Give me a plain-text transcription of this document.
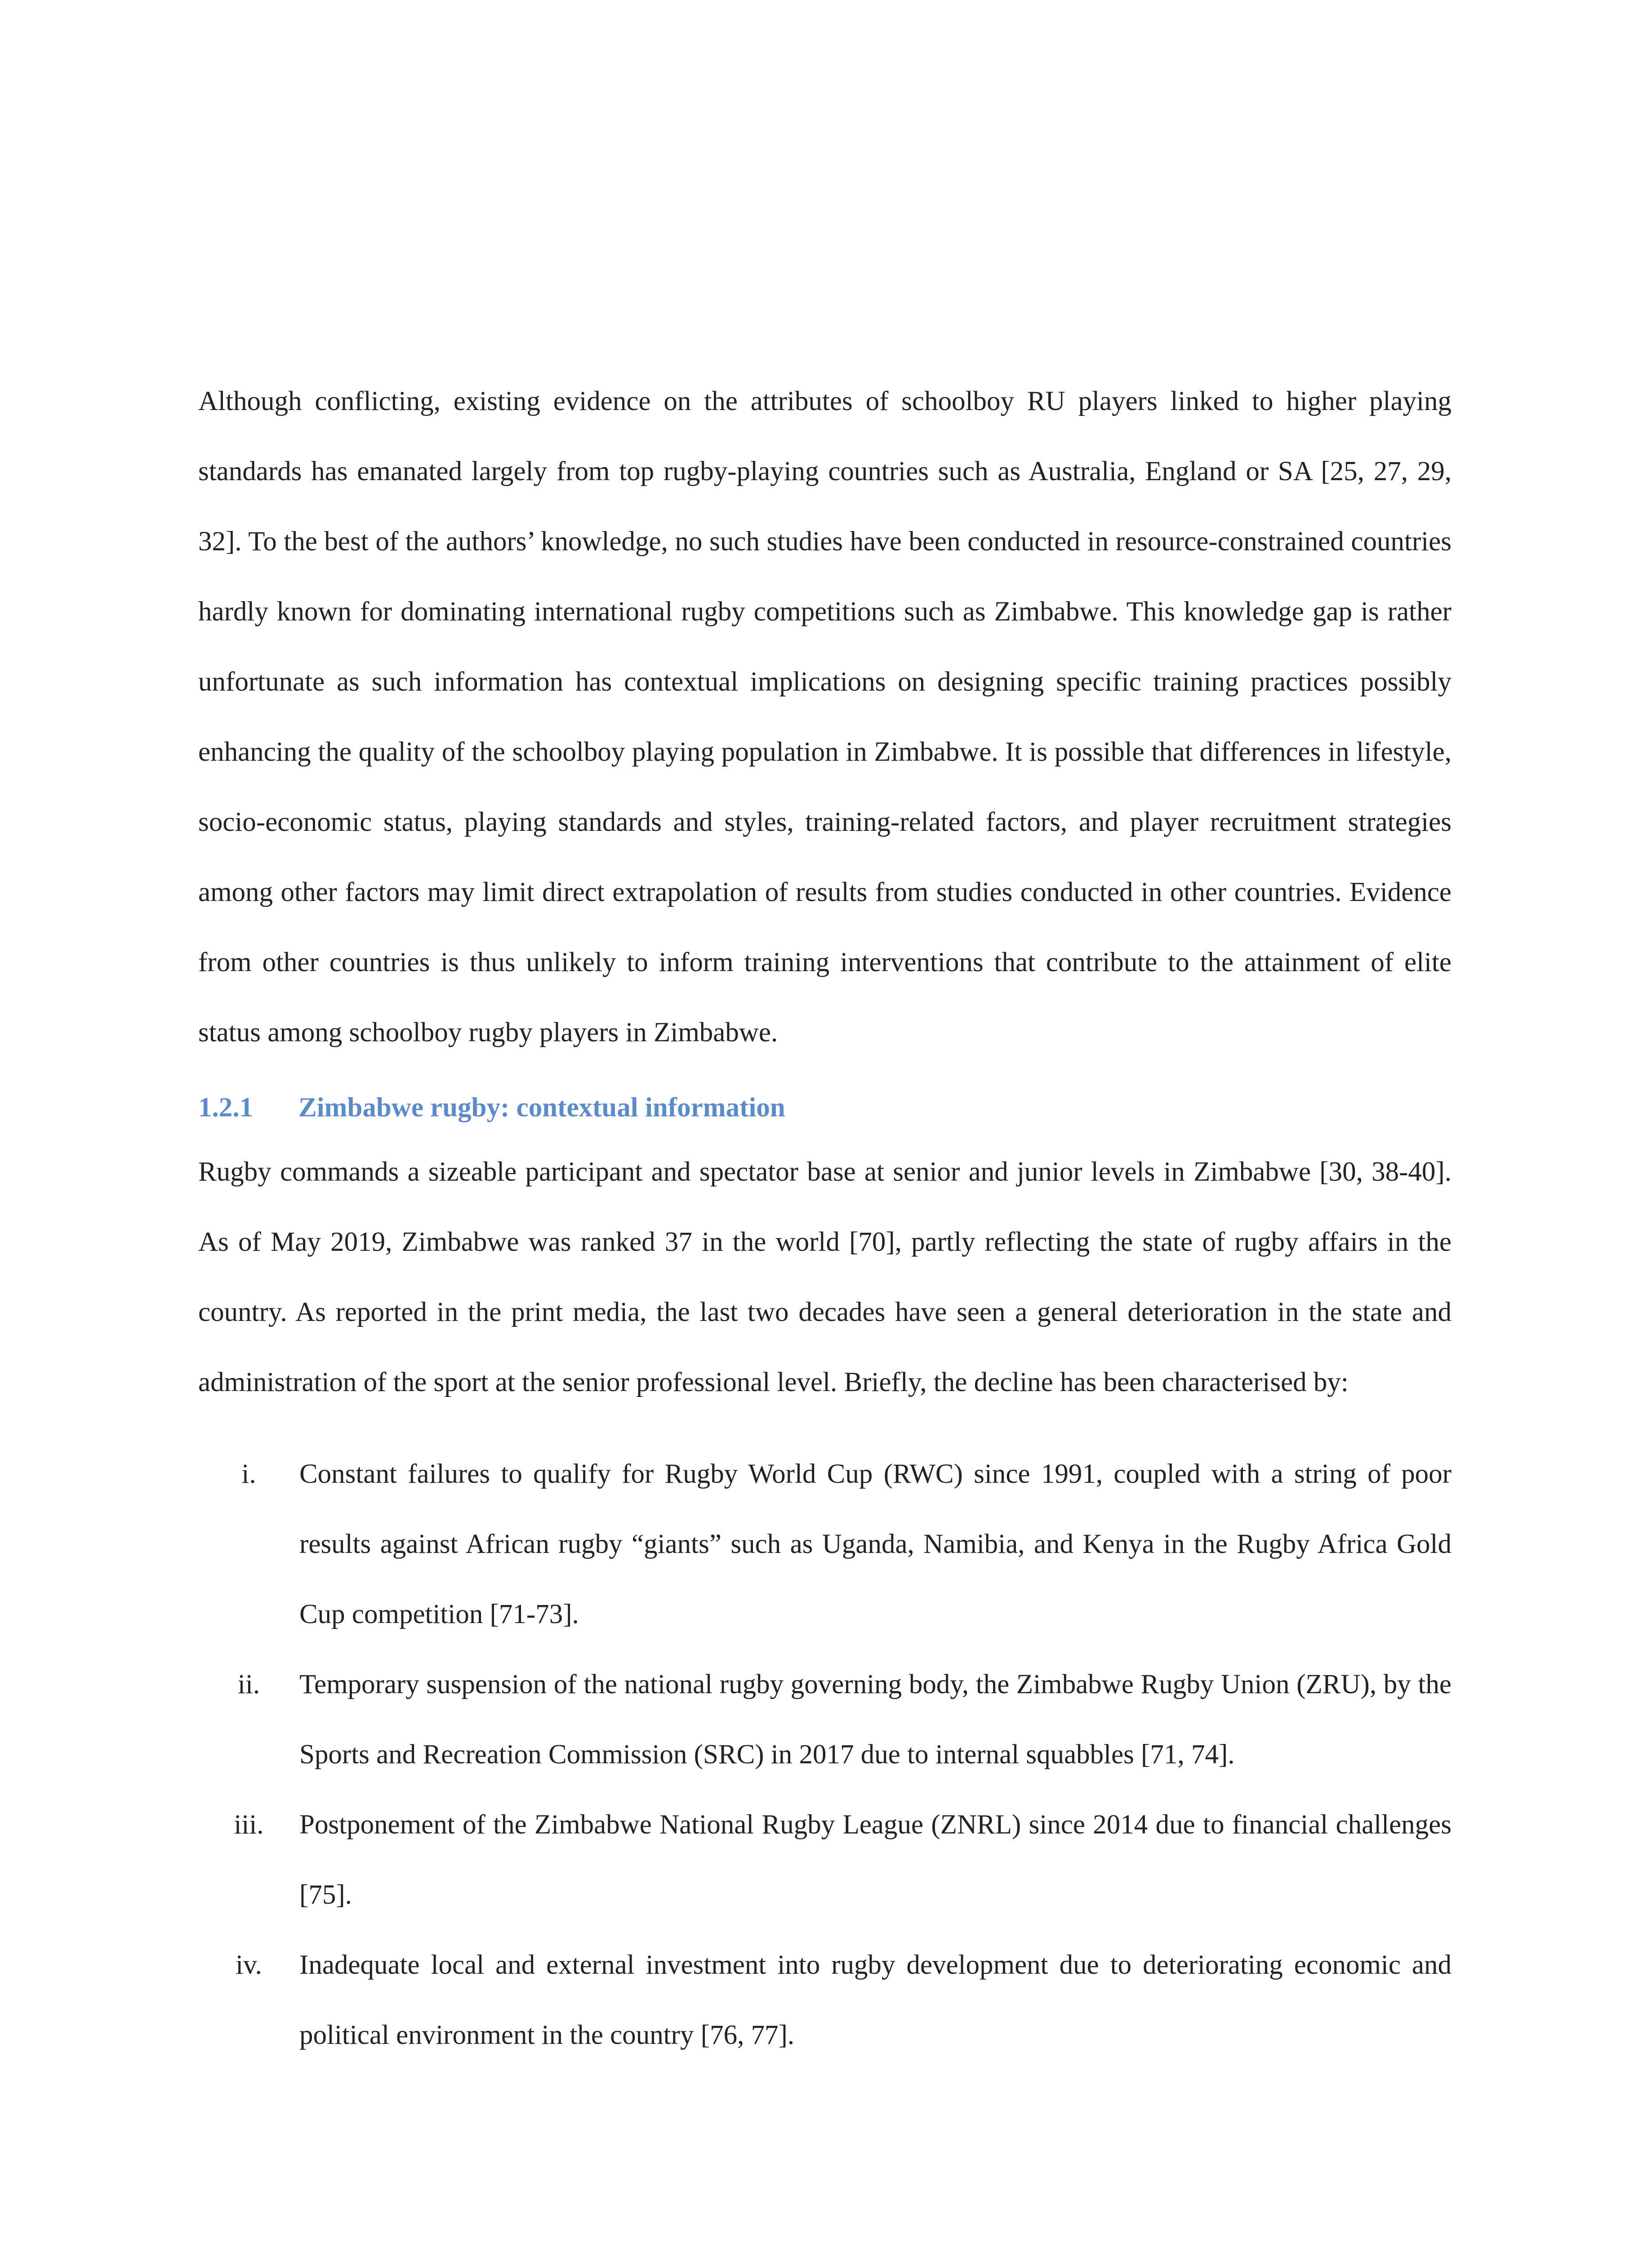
Although conflicting, existing evidence on the attributes of schoolboy RU players linked to higher playing standards has emanated largely from top rugby-playing countries such as Australia, England or SA [25, 27, 29, 32]. To the best of the authors’ knowledge, no such studies have been conducted in resource-constrained countries hardly known for dominating international rugby competitions such as Zimbabwe. This knowledge gap is rather unfortunate as such information has contextual implications on designing specific training practices possibly enhancing the quality of the schoolboy playing population in Zimbabwe. It is possible that differences in lifestyle, socio-economic status, playing standards and styles, training-related factors, and player recruitment strategies among other factors may limit direct extrapolation of results from studies conducted in other countries. Evidence from other countries is thus unlikely to inform training interventions that contribute to the attainment of elite status among schoolboy rugby players in Zimbabwe.

1.2.1 Zimbabwe rugby: contextual information

Rugby commands a sizeable participant and spectator base at senior and junior levels in Zimbabwe [30, 38-40]. As of May 2019, Zimbabwe was ranked 37 in the world [70], partly reflecting the state of rugby affairs in the country. As reported in the print media, the last two decades have seen a general deterioration in the state and administration of the sport at the senior professional level. Briefly, the decline has been characterised by:

i.	Constant failures to qualify for Rugby World Cup (RWC) since 1991, coupled with a string of poor results against African rugby “giants” such as Uganda, Namibia, and Kenya in the Rugby Africa Gold Cup competition [71-73].

ii.	Temporary suspension of the national rugby governing body, the Zimbabwe Rugby Union (ZRU), by the Sports and Recreation Commission (SRC) in 2017 due to internal squabbles [71, 74].

iii.	Postponement of the Zimbabwe National Rugby League (ZNRL) since 2014 due to financial challenges [75].

iv.	Inadequate local and external investment into rugby development due to deteriorating economic and political environment in the country [76, 77].
